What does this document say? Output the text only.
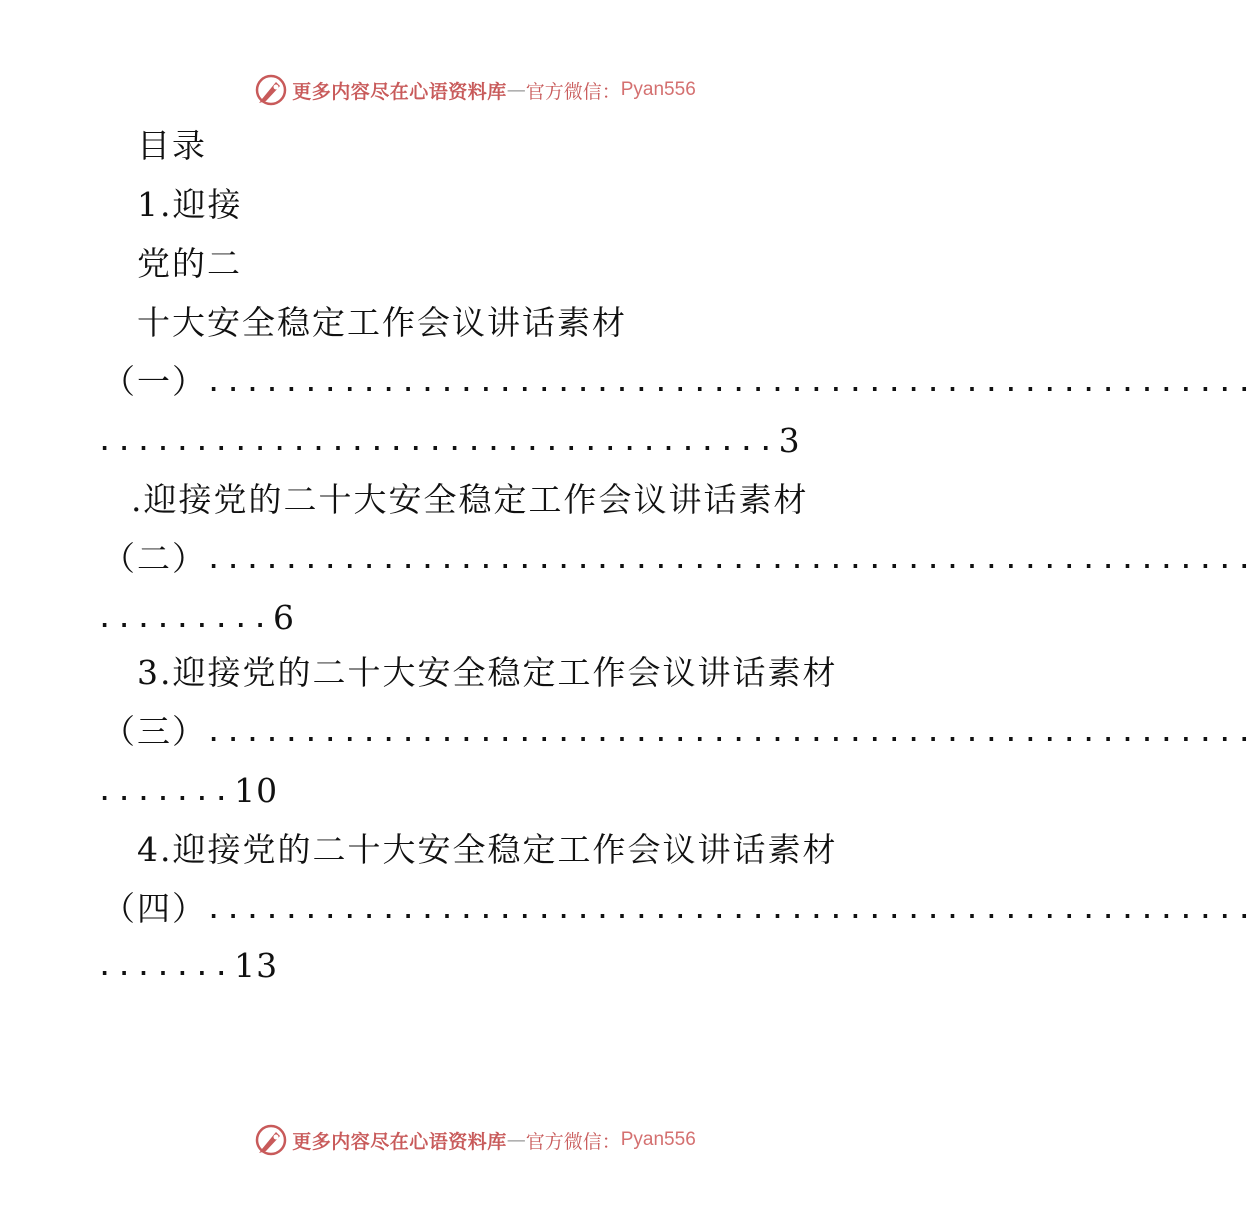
更多内容尽在心语资料库 — 官方微信： Pyan556
目录
1.迎接
党的二
十大安全稳定工作会议讲话素材
（一） ......................................................
................................... 3
.迎接党的二十大安全稳定工作会议讲话素材
（二） ......................................................
......... 6
3.迎接党的二十大安全稳定工作会议讲话素材
（三） ......................................................
....... 10
4.迎接党的二十大安全稳定工作会议讲话素材
（四） ......................................................
....... 13
更多内容尽在心语资料库 — 官方微信： Pyan556
